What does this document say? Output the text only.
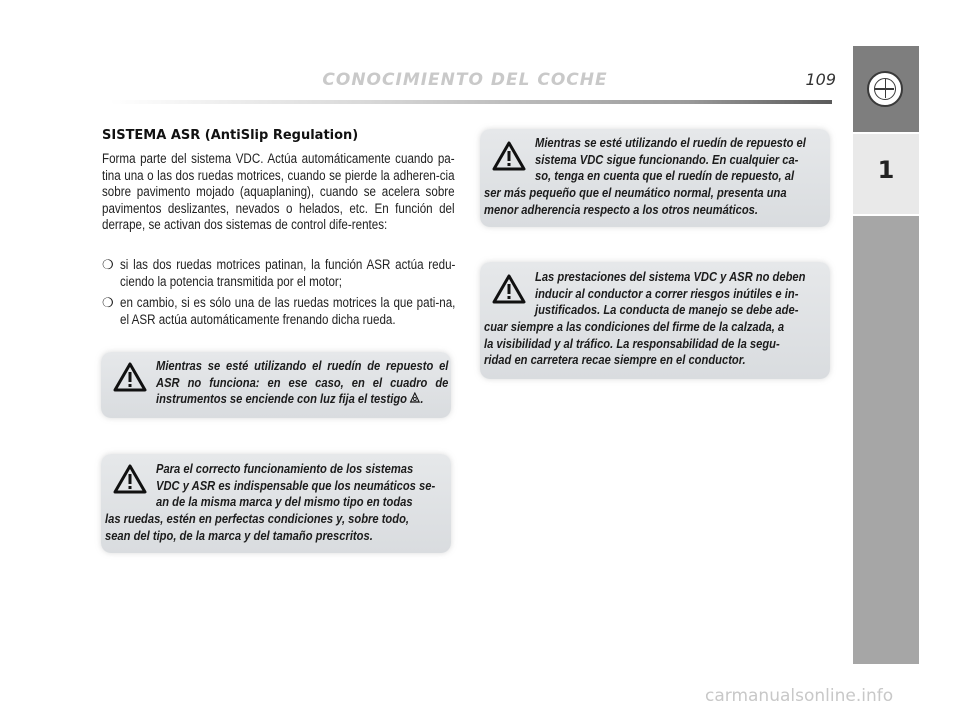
CONOCIMIENTO DEL COCHE	109
1
SISTEMA ASR (AntiSlip Regulation)
Forma parte del sistema VDC. Actúa automáticamente cuando pa-tina una o las dos ruedas motrices, cuando se pierde la adheren-cia sobre pavimento mojado (aquaplaning), cuando se acelera sobre pavimentos deslizantes, nevados o helados, etc. En función del derrape, se activan dos sistemas de control dife-rentes:
❍ si las dos ruedas motrices patinan, la función ASR actúa redu-ciendo la potencia transmitida por el motor;
❍ en cambio, si es sólo una de las ruedas motrices la que pati-na, el ASR actúa automáticamente frenando dicha rueda.
Mientras se esté utilizando el ruedín de repuesto el ASR no funciona: en ese caso, en el cuadro de instrumentos se enciende con luz fija el testigo .
Para el correcto funcionamiento de los sistemas
VDC y ASR es indispensable que los neumáticos se-
an de la misma marca y del mismo tipo en todas
las ruedas, estén en perfectas condiciones y, sobre todo,
sean del tipo, de la marca y del tamaño prescritos.
Mientras se esté utilizando el ruedín de repuesto el
sistema VDC sigue funcionando. En cualquier ca-
so, tenga en cuenta que el ruedín de repuesto, al
ser más pequeño que el neumático normal, presenta una
menor adherencia respecto a los otros neumáticos.
Las prestaciones del sistema VDC y ASR no deben
inducir al conductor a correr riesgos inútiles e in-
justificados. La conducta de manejo se debe ade-
cuar siempre a las condiciones del firme de la calzada, a
la visibilidad y al tráfico. La responsabilidad de la segu-
ridad en carretera recae siempre en el conductor.
carmanualsonline.info
